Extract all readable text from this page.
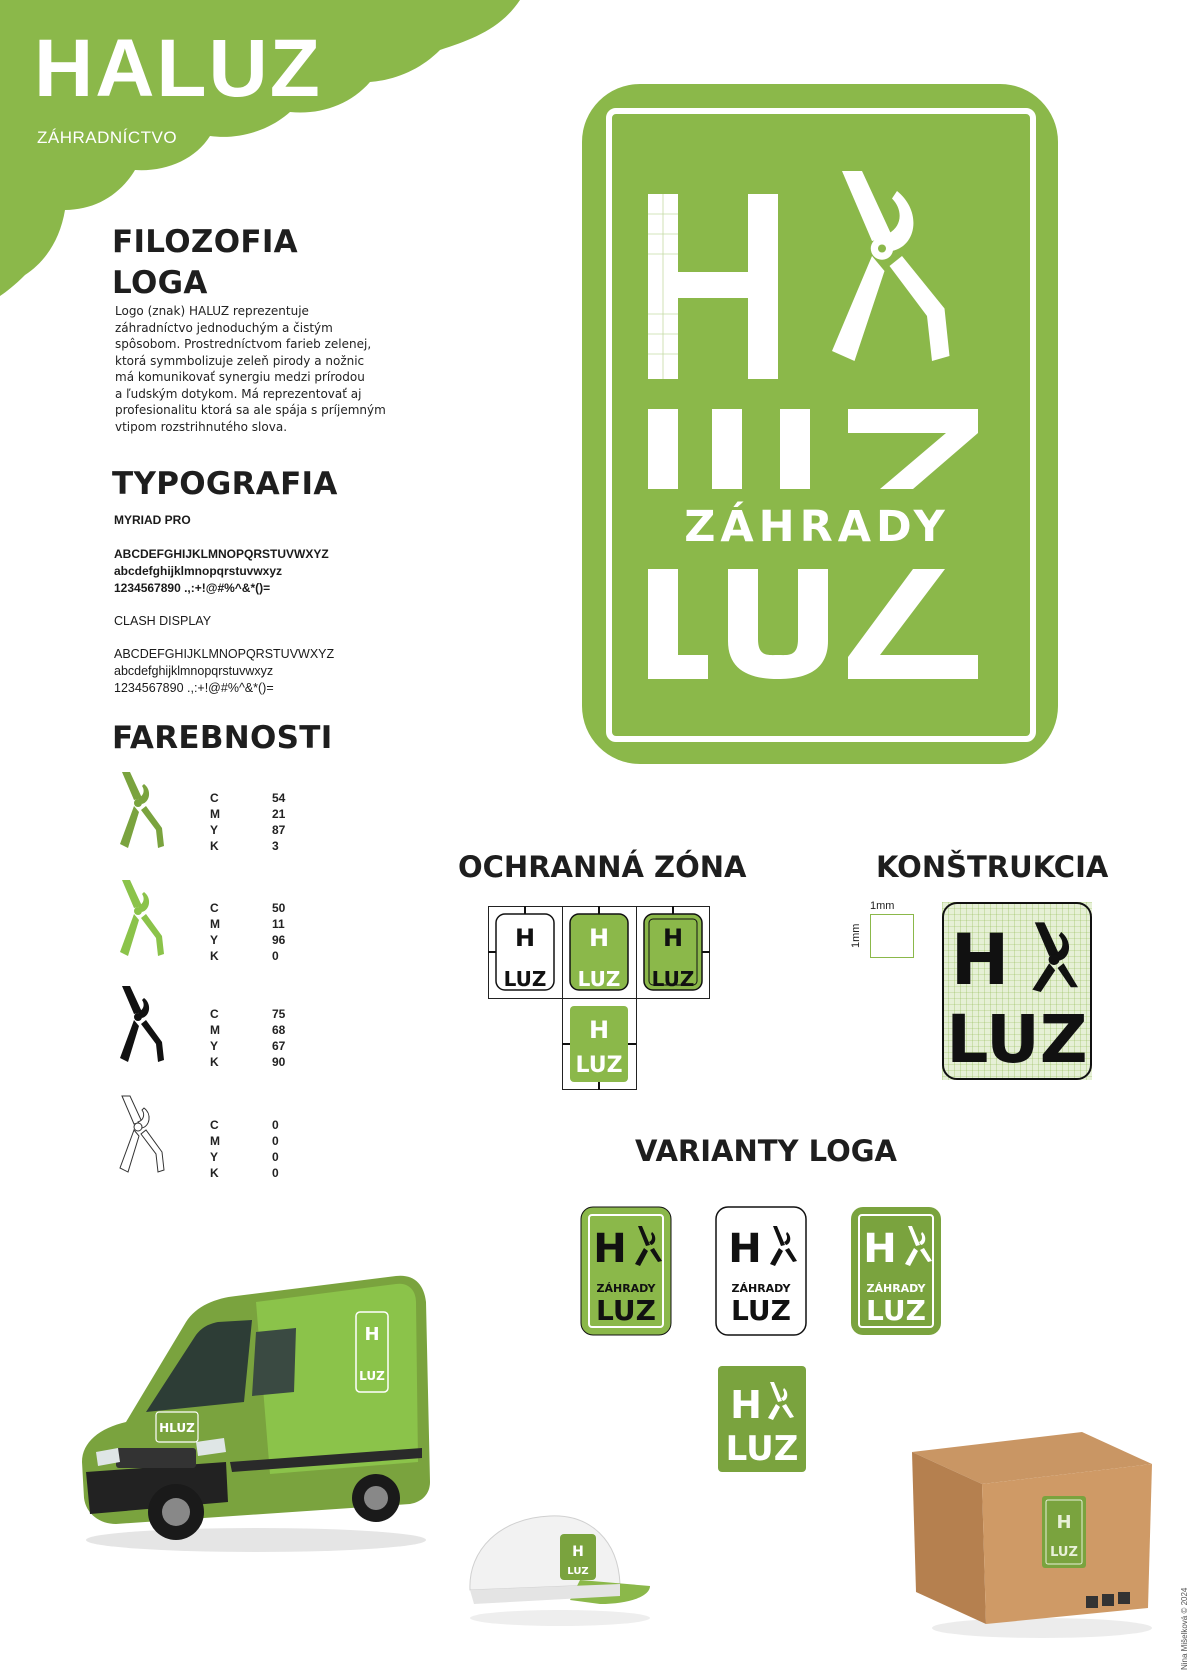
HALUZ
ZÁHRADNÍCTVO
FILOZOFIA
LOGA
Logo (znak) HALUZ reprezentuje
záhradníctvo jednoduchým a čistým
spôsobom. Prostredníctvom farieb zelenej,
ktorá symmbolizuje zeleň pirody a nožnic
má komunikovať synergiu medzi prírodou
a ľudským dotykom. Má reprezentovať aj
profesionalitu ktorá sa ale spája s príjemným
vtipom rozstrihnutého slova.
TYPOGRAFIA
MYRIAD PRO
ABCDEFGHIJKLMNOPQRSTUVWXYZ
abcdefghijklmnopqrstuvwxyz
1234567890 .,:+!@#%^&*()=
CLASH DISPLAY
ABCDEFGHIJKLMNOPQRSTUVWXYZ
abcdefghijklmnopqrstuvwxyz
1234567890 .,:+!@#%^&*()=
FAREBNOSTI
C
M
Y
K
54
21
87
3
C
M
Y
K
50
11
96
0
C
M
Y
K
75
68
67
90
C
M
Y
K
0
0
0
0
ZÁHRADY
OCHRANNÁ ZÓNA
H
LUZ
H
LUZ
H
LUZ
H
LUZ
KONŠTRUKCIA
1mm
1mm H
LUZ
VARIANTY LOGA
H
ZÁHRADY
LUZ
H
ZÁHRADY
LUZ
H
ZÁHRADY
LUZ
H
LUZ
H
LUZ
HLUZ
H
LUZ
H
LUZ
Nina Mišelková © 2024
